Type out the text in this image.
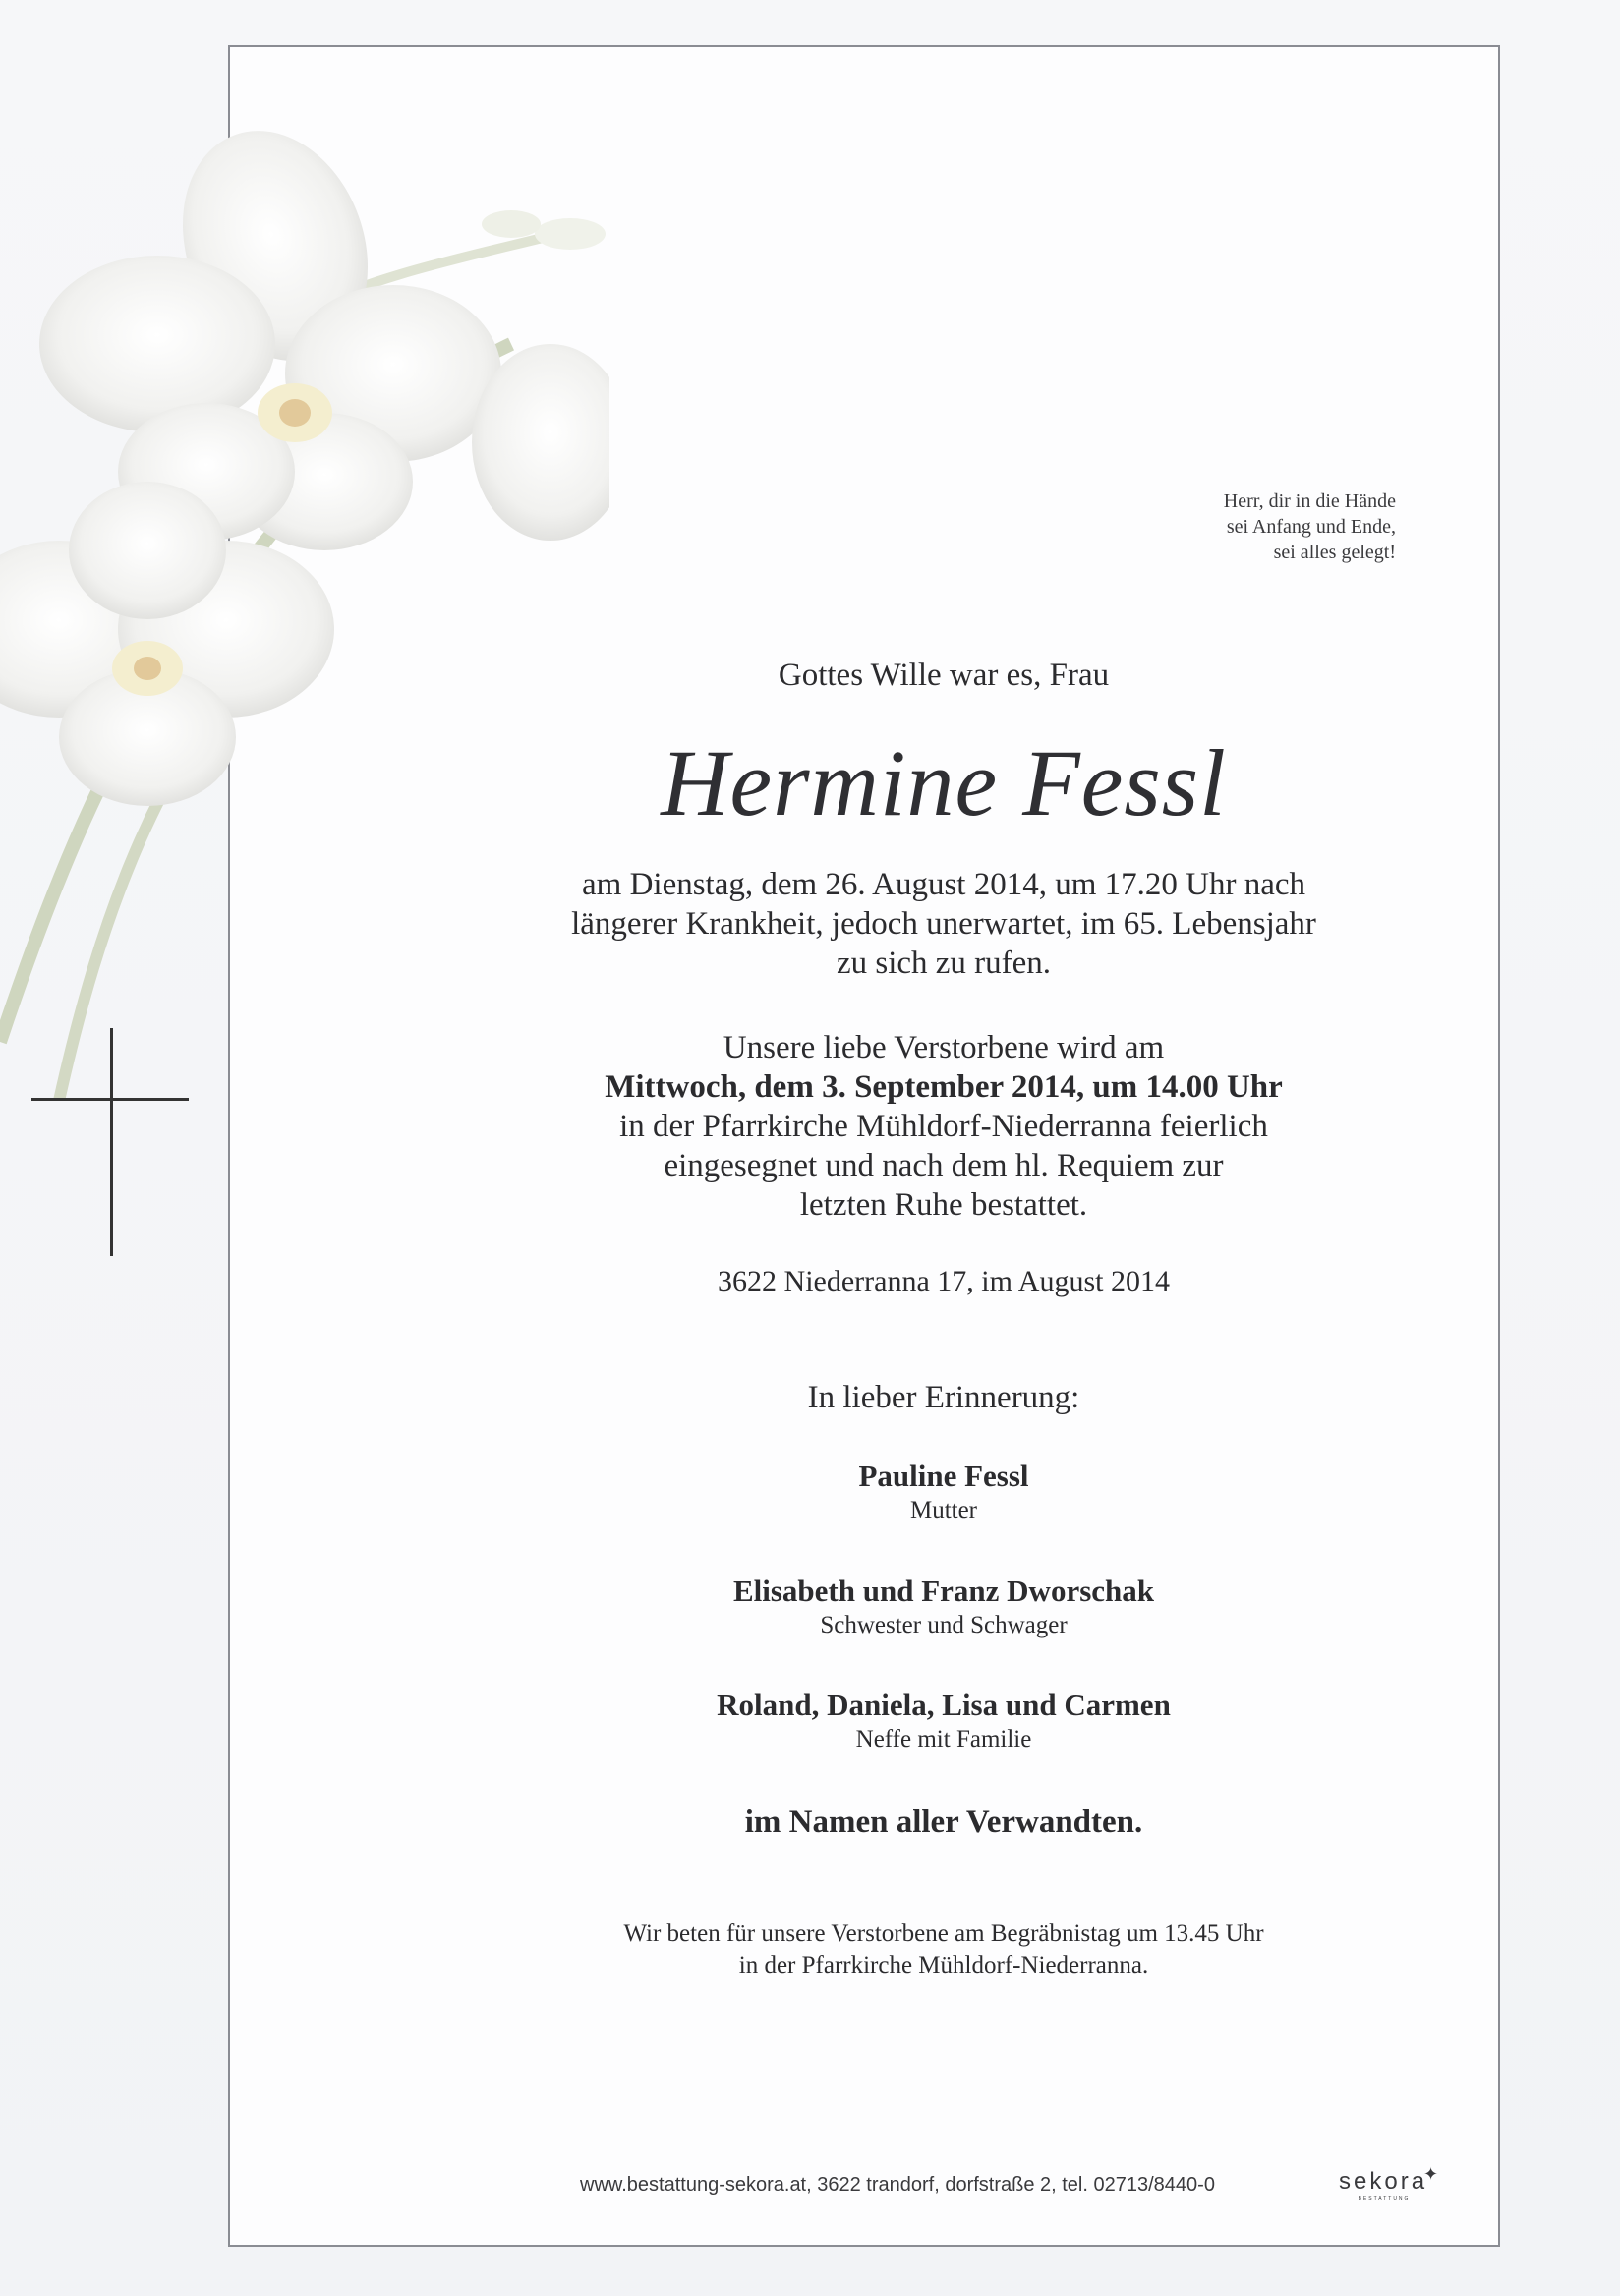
Herr, dir in die Hände
sei Anfang und Ende,
sei alles gelegt!
Gottes Wille war es, Frau
Hermine Fessl
am Dienstag, dem 26. August 2014, um 17.20 Uhr nach
längerer Krankheit, jedoch unerwartet, im 65. Lebensjahr
zu sich zu rufen.
Unsere liebe Verstorbene wird am
Mittwoch, dem 3. September 2014, um 14.00 Uhr
in der Pfarrkirche Mühldorf-Niederranna feierlich
eingesegnet und nach dem hl. Requiem zur
letzten Ruhe bestattet.
3622 Niederranna 17, im August 2014
In lieber Erinnerung:
Pauline Fessl
Mutter
Elisabeth und Franz Dworschak
Schwester und Schwager
Roland, Daniela, Lisa und Carmen
Neffe mit Familie
im Namen aller Verwandten.
Wir beten für unsere Verstorbene am Begräbnistag um 13.45 Uhr
in der Pfarrkirche Mühldorf-Niederranna.
www.bestattung-sekora.at, 3622 trandorf, dorfstraße 2, tel. 02713/8440-0	sekora
✦
BESTATTUNG
